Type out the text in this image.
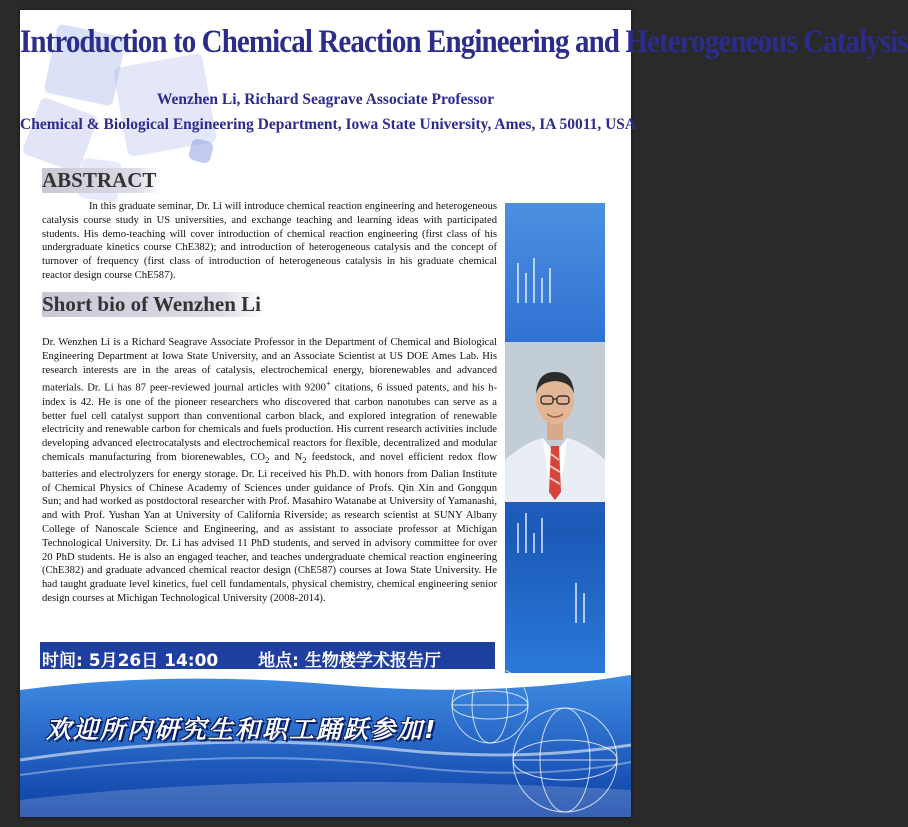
Introduction to Chemical Reaction Engineering and Heterogeneous Catalysis
Wenzhen Li, Richard Seagrave Associate Professor
Chemical & Biological Engineering Department, Iowa State University, Ames, IA 50011, USA
ABSTRACT

In this graduate seminar, Dr. Li will introduce chemical reaction engineering and heterogeneous catalysis course study in US universities, and exchange teaching and learning ideas with participated students. His demo-teaching will cover introduction of chemical reaction engineering (first class of his undergraduate kinetics course ChE382); and introduction of heterogeneous catalysis and the concept of turnover of frequency (first class of introduction of heterogeneous catalysis in his graduate chemical reactor design course ChE587).

Short bio of Wenzhen Li

Dr. Wenzhen Li is a Richard Seagrave Associate Professor in the Department of Chemical and Biological Engineering Department at Iowa State University, and an Associate Scientist at US DOE Ames Lab. His research interests are in the areas of catalysis, electrochemical energy, biorenewables and advanced materials. Dr. Li has 87 peer-reviewed journal articles with 9200+ citations, 6 issued patents, and his h-index is 42. He is one of the pioneer researchers who discovered that carbon nanotubes can serve as a better fuel cell catalyst support than conventional carbon black, and explored integration of renewable electricity and renewable carbon for chemicals and fuels production. His current research activities include developing advanced electrocatalysts and electrochemical reactors for flexible, decentralized and modular chemicals manufacturing from biorenewables, $CO_2$ and $N_2$ feedstock, and novel efficient redox flow batteries and electrolyzers for energy storage. Dr. Li received his Ph.D. with honors from Dalian Institute of Chemical Physics of Chinese Academy of Sciences under guidance of Profs. Qin Xin and Gongqun Sun; and had worked as postdoctoral researcher with Prof. Masahiro Watanabe at University of Yamanashi, and with Prof. Yushan Yan at University of California Riverside; as research scientist at SUNY Albany College of Nanoscale Science and Engineering, and as assistant to associate professor at Michigan Technological University. Dr. Li has advised 11 PhD students, and served in advisory committee for over 20 PhD students. He is also an engaged teacher, and teaches undergraduate chemical reaction engineering (ChE382) and graduate advanced chemical reactor design (ChE587) courses at Iowa State University. He had taught graduate level kinetics, fuel cell fundamentals, physical chemistry, chemical engineering senior design courses at Michigan Technological University (2008-2014).

时间: 5月26日 14:00 地点: 生物楼学术报告厅
欢迎所内研究生和职工踊跃参加!
